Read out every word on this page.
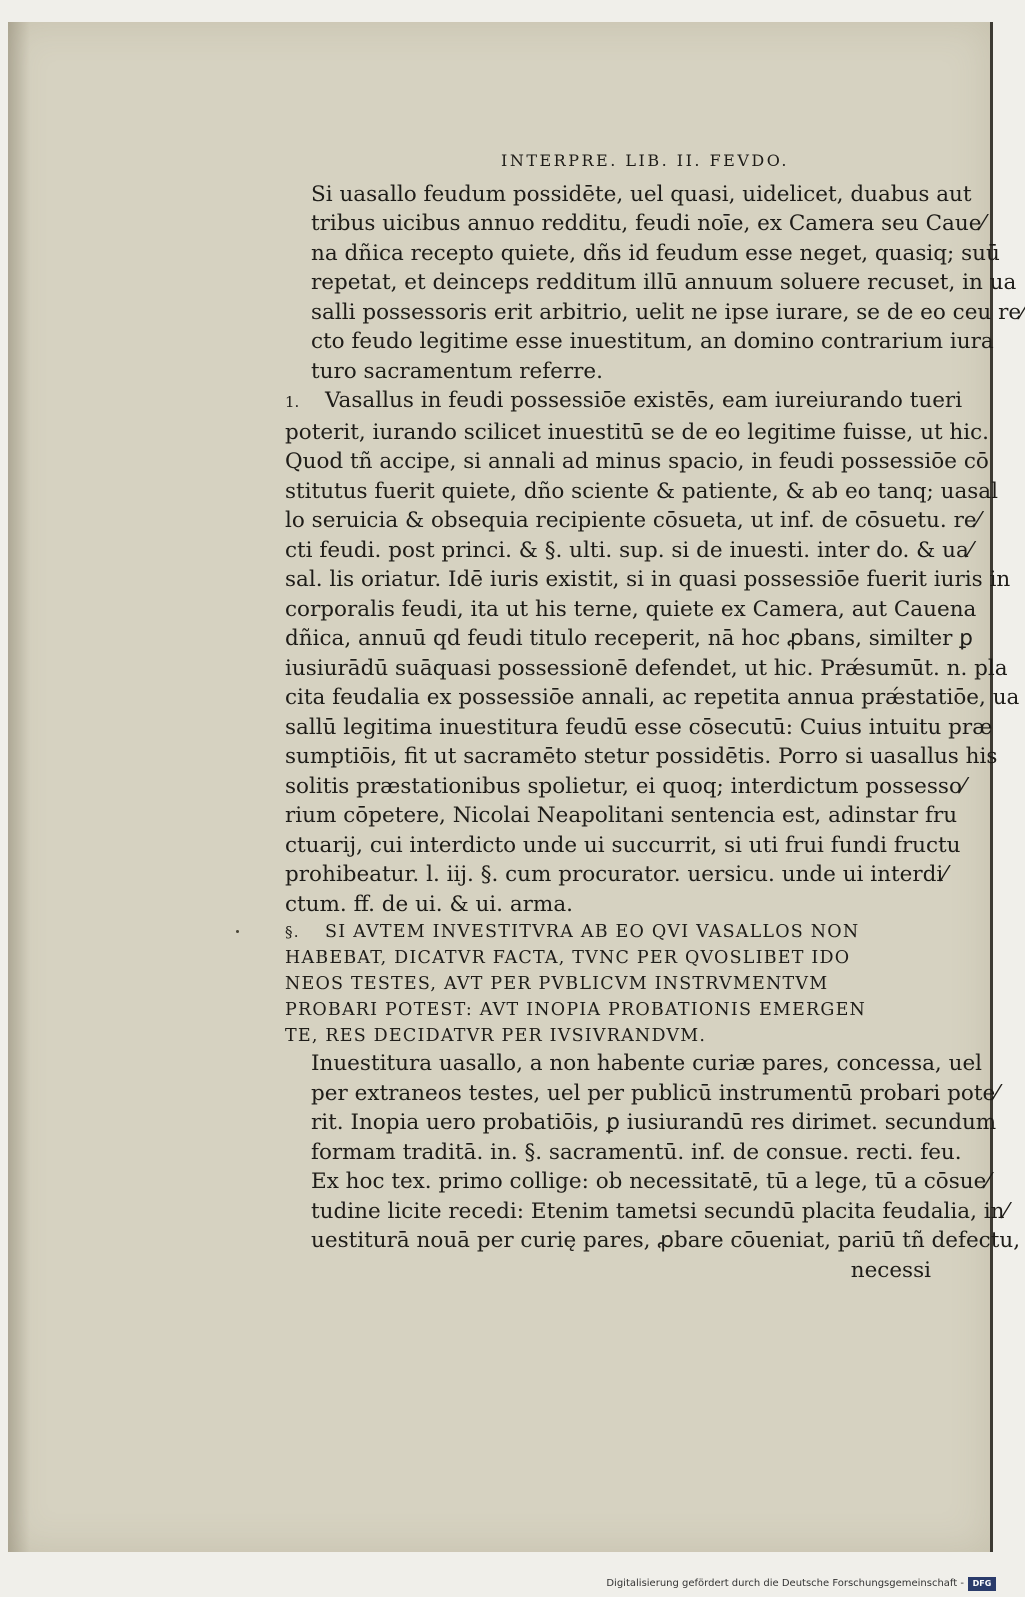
INTERPRE. LIB. II. FEVDO.
Si uasallo feudum possidēte, uel quasi, uidelicet, duabus aut
tribus uicibus annuo redditu, feudi noīe, ex Camera seu Caue⁄
na dñica recepto quiete, dñs id feudum esse neget, quasiq; suū
repetat, et deinceps redditum illū annuum soluere recuset, in ua
salli possessoris erit arbitrio, uelit ne ipse iurare, se de eo ceu re⁄
cto feudo legitime esse inuestitum, an domino contrarium iura
turo sacramentum referre.
1. Vasallus in feudi possessiōe existēs, eam iureiurando tueri
poterit, iurando scilicet inuestitū se de eo legitime fuisse, ut hic.
Quod tñ accipe, si annali ad minus spacio, in feudi possessiōe cō
stitutus fuerit quiete, dño sciente & patiente, & ab eo tanq; uasal
lo seruicia & obsequia recipiente cōsueta, ut inf. de cōsuetu. re⁄
cti feudi. post princi. & §. ulti. sup. si de inuesti. inter do. & ua⁄
sal. lis oriatur. Idē iuris existit, si in quasi possessiōe fuerit iuris in
corporalis feudi, ita ut his terne, quiete ex Camera, aut Cauena
dñica, annuū qd feudi titulo receperit, nā hoc ꝓbans, similter ꝑ
iusiurādū suāquasi possessionē defendet, ut hic. Prǽsumūt. n. pla
cita feudalia ex possessiōe annali, ac repetita annua prǽstatiōe, ua
sallū legitima inuestitura feudū esse cōsecutū: Cuius intuitu præ
sumptiōis, fit ut sacramēto stetur possidētis. Porro si uasallus his
solitis præstationibus spolietur, ei quoq; interdictum possesso⁄
rium cōpetere, Nicolai Neapolitani sentencia est, adinstar fru
ctuarij, cui interdicto unde ui succurrit, si uti frui fundi fructu
prohibeatur. l. iij. §. cum procurator. uersicu. unde ui interdi⁄
ctum. ff. de ui. & ui. arma.
§. SI AVTEM INVESTITVRA AB EO QVI VASALLOS NON
HABEBAT, DICATVR FACTA, TVNC PER QVOSLIBET IDO
NEOS TESTES, AVT PER PVBLICVM INSTRVMENTVM
PROBARI POTEST: AVT INOPIA PROBATIONIS EMERGEN
TE, RES DECIDATVR PER IVSIVRANDVM.
Inuestitura uasallo, a non habente curiæ pares, concessa, uel
per extraneos testes, uel per publicū instrumentū probari pote⁄
rit. Inopia uero probatiōis, ꝑ iusiurandū res dirimet. secundum
formam traditā. in. §. sacramentū. inf. de consue. recti. feu.
Ex hoc tex. primo collige: ob necessitatē, tū a lege, tū a cōsue⁄
tudine licite recedi: Etenim tametsi secundū placita feudalia, in⁄
uestiturā nouā per curię pares, ꝓbare cōueniat, pariū tñ defectu,
necessi
Digitalisierung gefördert durch die Deutsche Forschungsgemeinschaft -	DFG
